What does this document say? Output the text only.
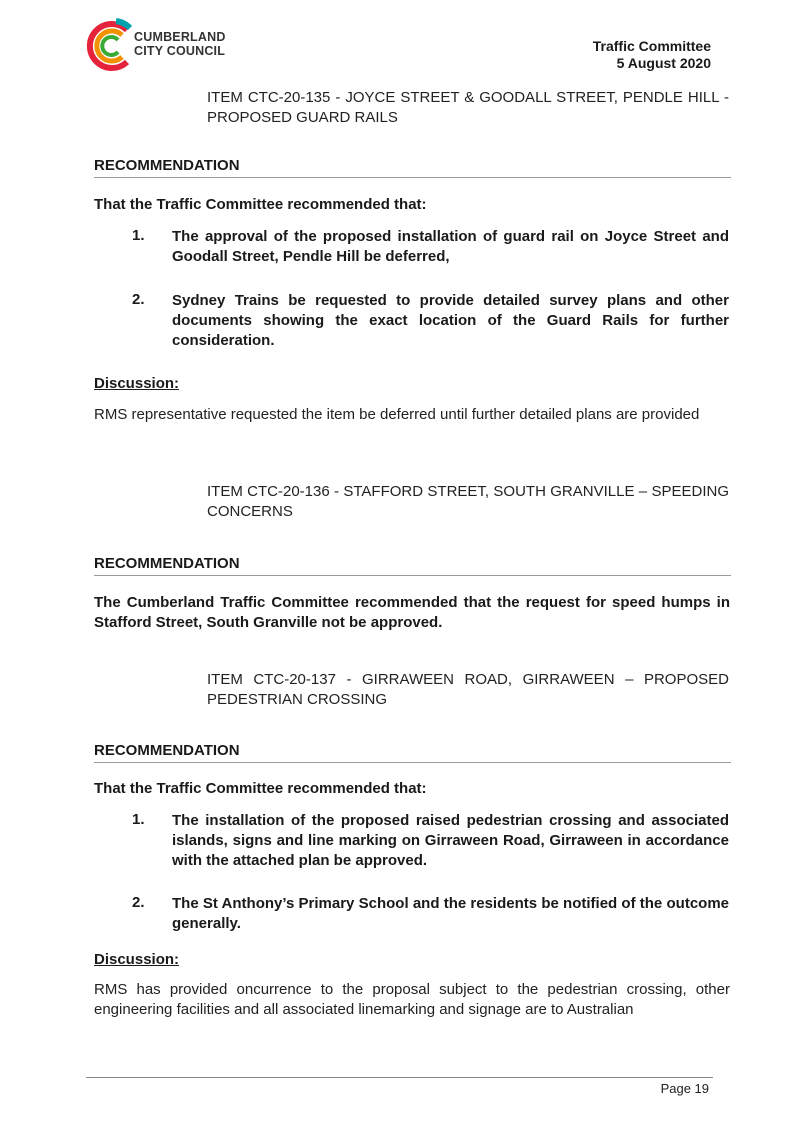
CUMBERLAND
CITY COUNCIL	Traffic Committee
5 August 2020
ITEM CTC-20-135 - JOYCE STREET & GOODALL STREET, PENDLE HILL - PROPOSED GUARD RAILS
RECOMMENDATION
That the Traffic Committee recommended that:
1. The approval of the proposed installation of guard rail on Joyce Street and Goodall Street, Pendle Hill be deferred,
2. Sydney Trains be requested to provide detailed survey plans and other documents showing the exact location of the Guard Rails for further consideration.
Discussion:
RMS representative requested the item be deferred until further detailed plans are provided
ITEM CTC-20-136 - STAFFORD STREET, SOUTH GRANVILLE – SPEEDING CONCERNS
RECOMMENDATION
The Cumberland Traffic Committee recommended that the request for speed humps in Stafford Street, South Granville not be approved.
ITEM CTC-20-137 - GIRRAWEEN ROAD, GIRRAWEEN – PROPOSED PEDESTRIAN CROSSING
RECOMMENDATION
That the Traffic Committee recommended that:
1. The installation of the proposed raised pedestrian crossing and associated islands, signs and line marking on Girraween Road, Girraween in accordance with the attached plan be approved.
2. The St Anthony’s Primary School and the residents be notified of the outcome generally.
Discussion:
RMS has provided oncurrence to the proposal subject to the pedestrian crossing, other engineering facilities and all associated linemarking and signage are to Australian
Page 19
